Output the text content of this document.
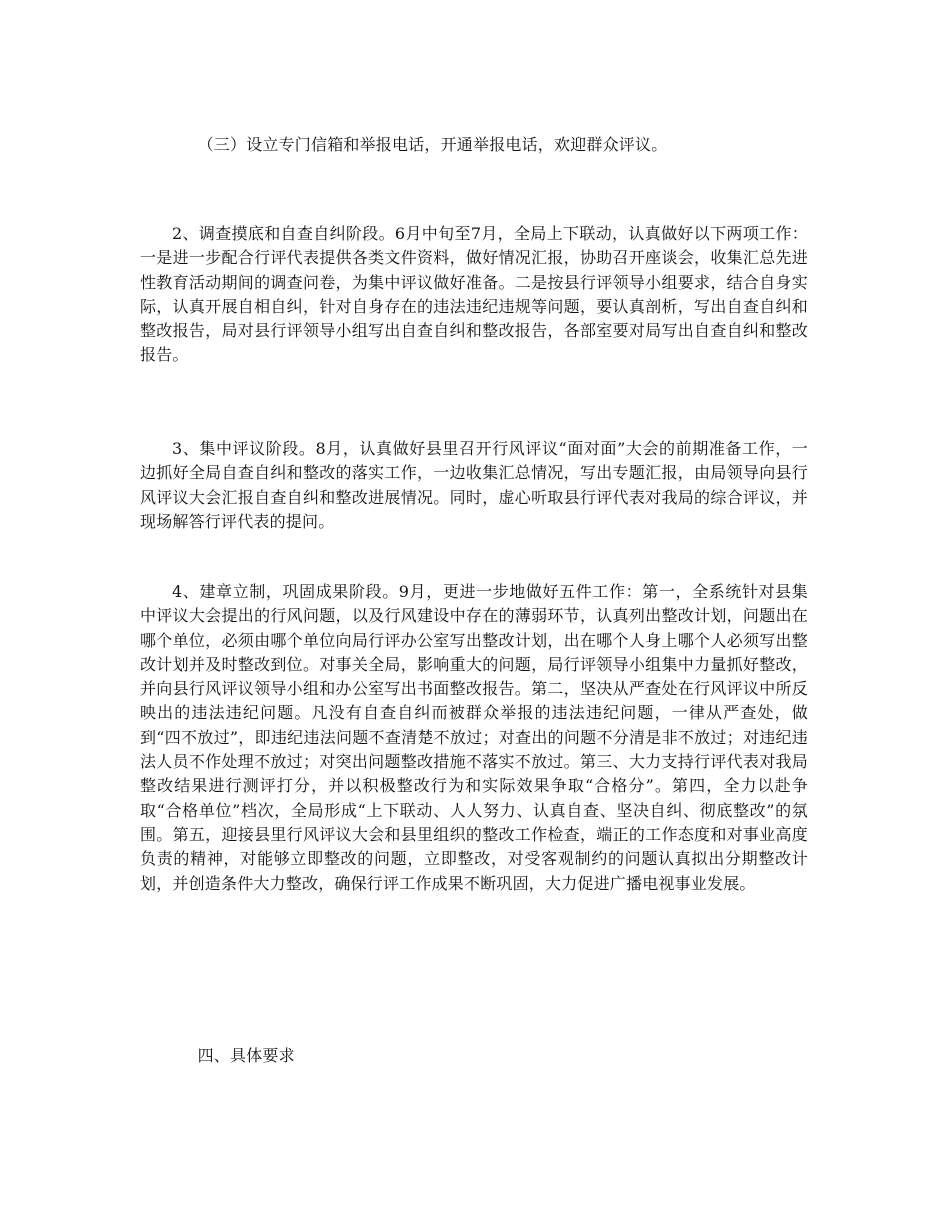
（三）设立专门信箱和举报电话，开通举报电话，欢迎群众评议。

2、调查摸底和自查自纠阶段。6月中旬至7月，全局上下联动，认真做好以下两项工作：一是进一步配合行评代表提供各类文件资料，做好情况汇报，协助召开座谈会，收集汇总先进性教育活动期间的调查问卷，为集中评议做好准备。二是按县行评领导小组要求，结合自身实际，认真开展自相自纠，针对自身存在的违法违纪违规等问题，要认真剖析，写出自查自纠和整改报告，局对县行评领导小组写出自查自纠和整改报告，各部室要对局写出自查自纠和整改报告。

3、集中评议阶段。8月，认真做好县里召开行风评议“面对面”大会的前期准备工作，一边抓好全局自查自纠和整改的落实工作，一边收集汇总情况，写出专题汇报，由局领导向县行风评议大会汇报自查自纠和整改进展情况。同时，虚心听取县行评代表对我局的综合评议，并现场解答行评代表的提问。

4、建章立制，巩固成果阶段。9月，更进一步地做好五件工作：第一，全系统针对县集中评议大会提出的行风问题，以及行风建设中存在的薄弱环节，认真列出整改计划，问题出在哪个单位，必须由哪个单位向局行评办公室写出整改计划，出在哪个人身上哪个人必须写出整改计划并及时整改到位。对事关全局，影响重大的问题，局行评领导小组集中力量抓好整改，并向县行风评议领导小组和办公室写出书面整改报告。第二，坚决从严查处在行风评议中所反映出的违法违纪问题。凡没有自查自纠而被群众举报的违法违纪问题，一律从严查处，做到“四不放过”，即违纪违法问题不查清楚不放过；对查出的问题不分清是非不放过；对违纪违法人员不作处理不放过；对突出问题整改措施不落实不放过。第三、大力支持行评代表对我局整改结果进行测评打分，并以积极整改行为和实际效果争取“合格分”。第四，全力以赴争取“合格单位”档次，全局形成“上下联动、人人努力、认真自查、坚决自纠、彻底整改”的氛围。第五，迎接县里行风评议大会和县里组织的整改工作检查，端正的工作态度和对事业高度负责的精神，对能够立即整改的问题，立即整改，对受客观制约的问题认真拟出分期整改计划，并创造条件大力整改，确保行评工作成果不断巩固，大力促进广播电视事业发展。

四、具体要求
